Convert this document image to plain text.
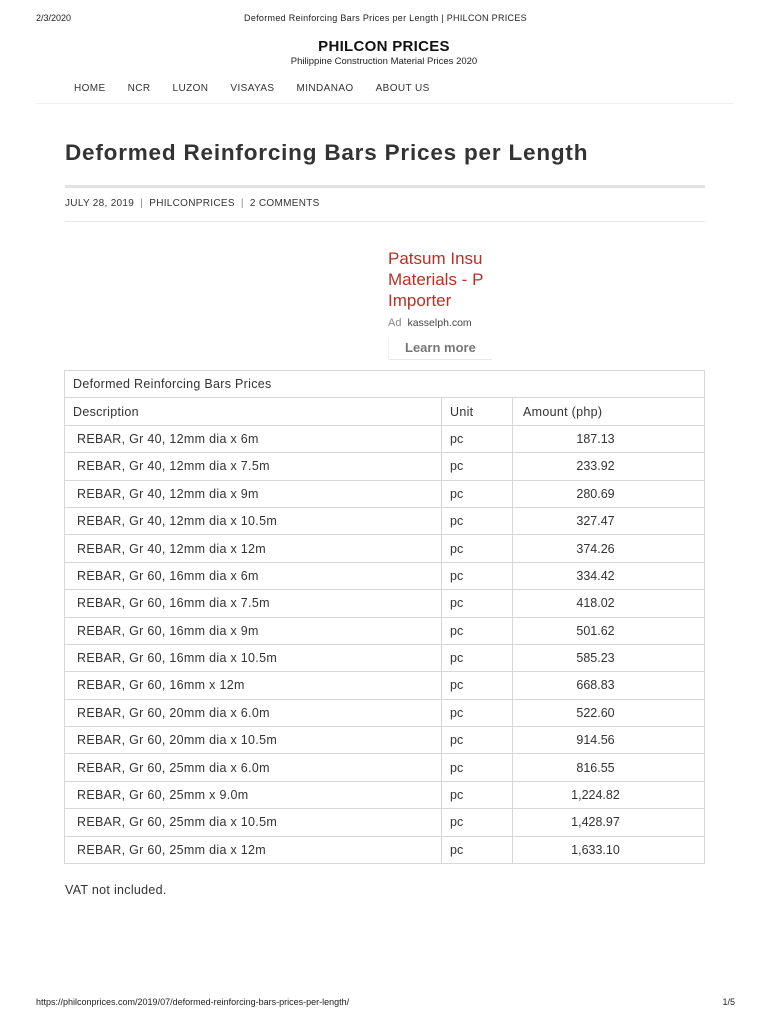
2/3/2020	Deformed Reinforcing Bars Prices per Length | PHILCON PRICES
PHILCON PRICES
Philippine Construction Material Prices 2020
HOME NCR LUZON VISAYAS MINDANAO ABOUT US
Deformed Reinforcing Bars Prices per Length
JULY 28, 2019 | PHILCONPRICES | 2 COMMENTS
Patsum Insu
Materials - P
Importer
Ad kasselph.com
Learn more
Deformed Reinforcing Bars Prices		
Description	Unit	Amount (php)
REBAR, Gr 40, 12mm dia x 6m	pc	187.13
REBAR, Gr 40, 12mm dia x 7.5m	pc	233.92
REBAR, Gr 40, 12mm dia x 9m	pc	280.69
REBAR, Gr 40, 12mm dia x 10.5m	pc	327.47
REBAR, Gr 40, 12mm dia x 12m	pc	374.26
REBAR, Gr 60, 16mm dia x 6m	pc	334.42
REBAR, Gr 60, 16mm dia x 7.5m	pc	418.02
REBAR, Gr 60, 16mm dia x 9m	pc	501.62
REBAR, Gr 60, 16mm dia x 10.5m	pc	585.23
REBAR, Gr 60, 16mm x 12m	pc	668.83
REBAR, Gr 60, 20mm dia x 6.0m	pc	522.60
REBAR, Gr 60, 20mm dia x 10.5m	pc	914.56
REBAR, Gr 60, 25mm dia x 6.0m	pc	816.55
REBAR, Gr 60, 25mm x 9.0m	pc	1,224.82
REBAR, Gr 60, 25mm dia x 10.5m	pc	1,428.97
REBAR, Gr 60, 25mm dia x 12m	pc	1,633.10
VAT not included.
https://philconprices.com/2019/07/deformed-reinforcing-bars-prices-per-length/	1/5
